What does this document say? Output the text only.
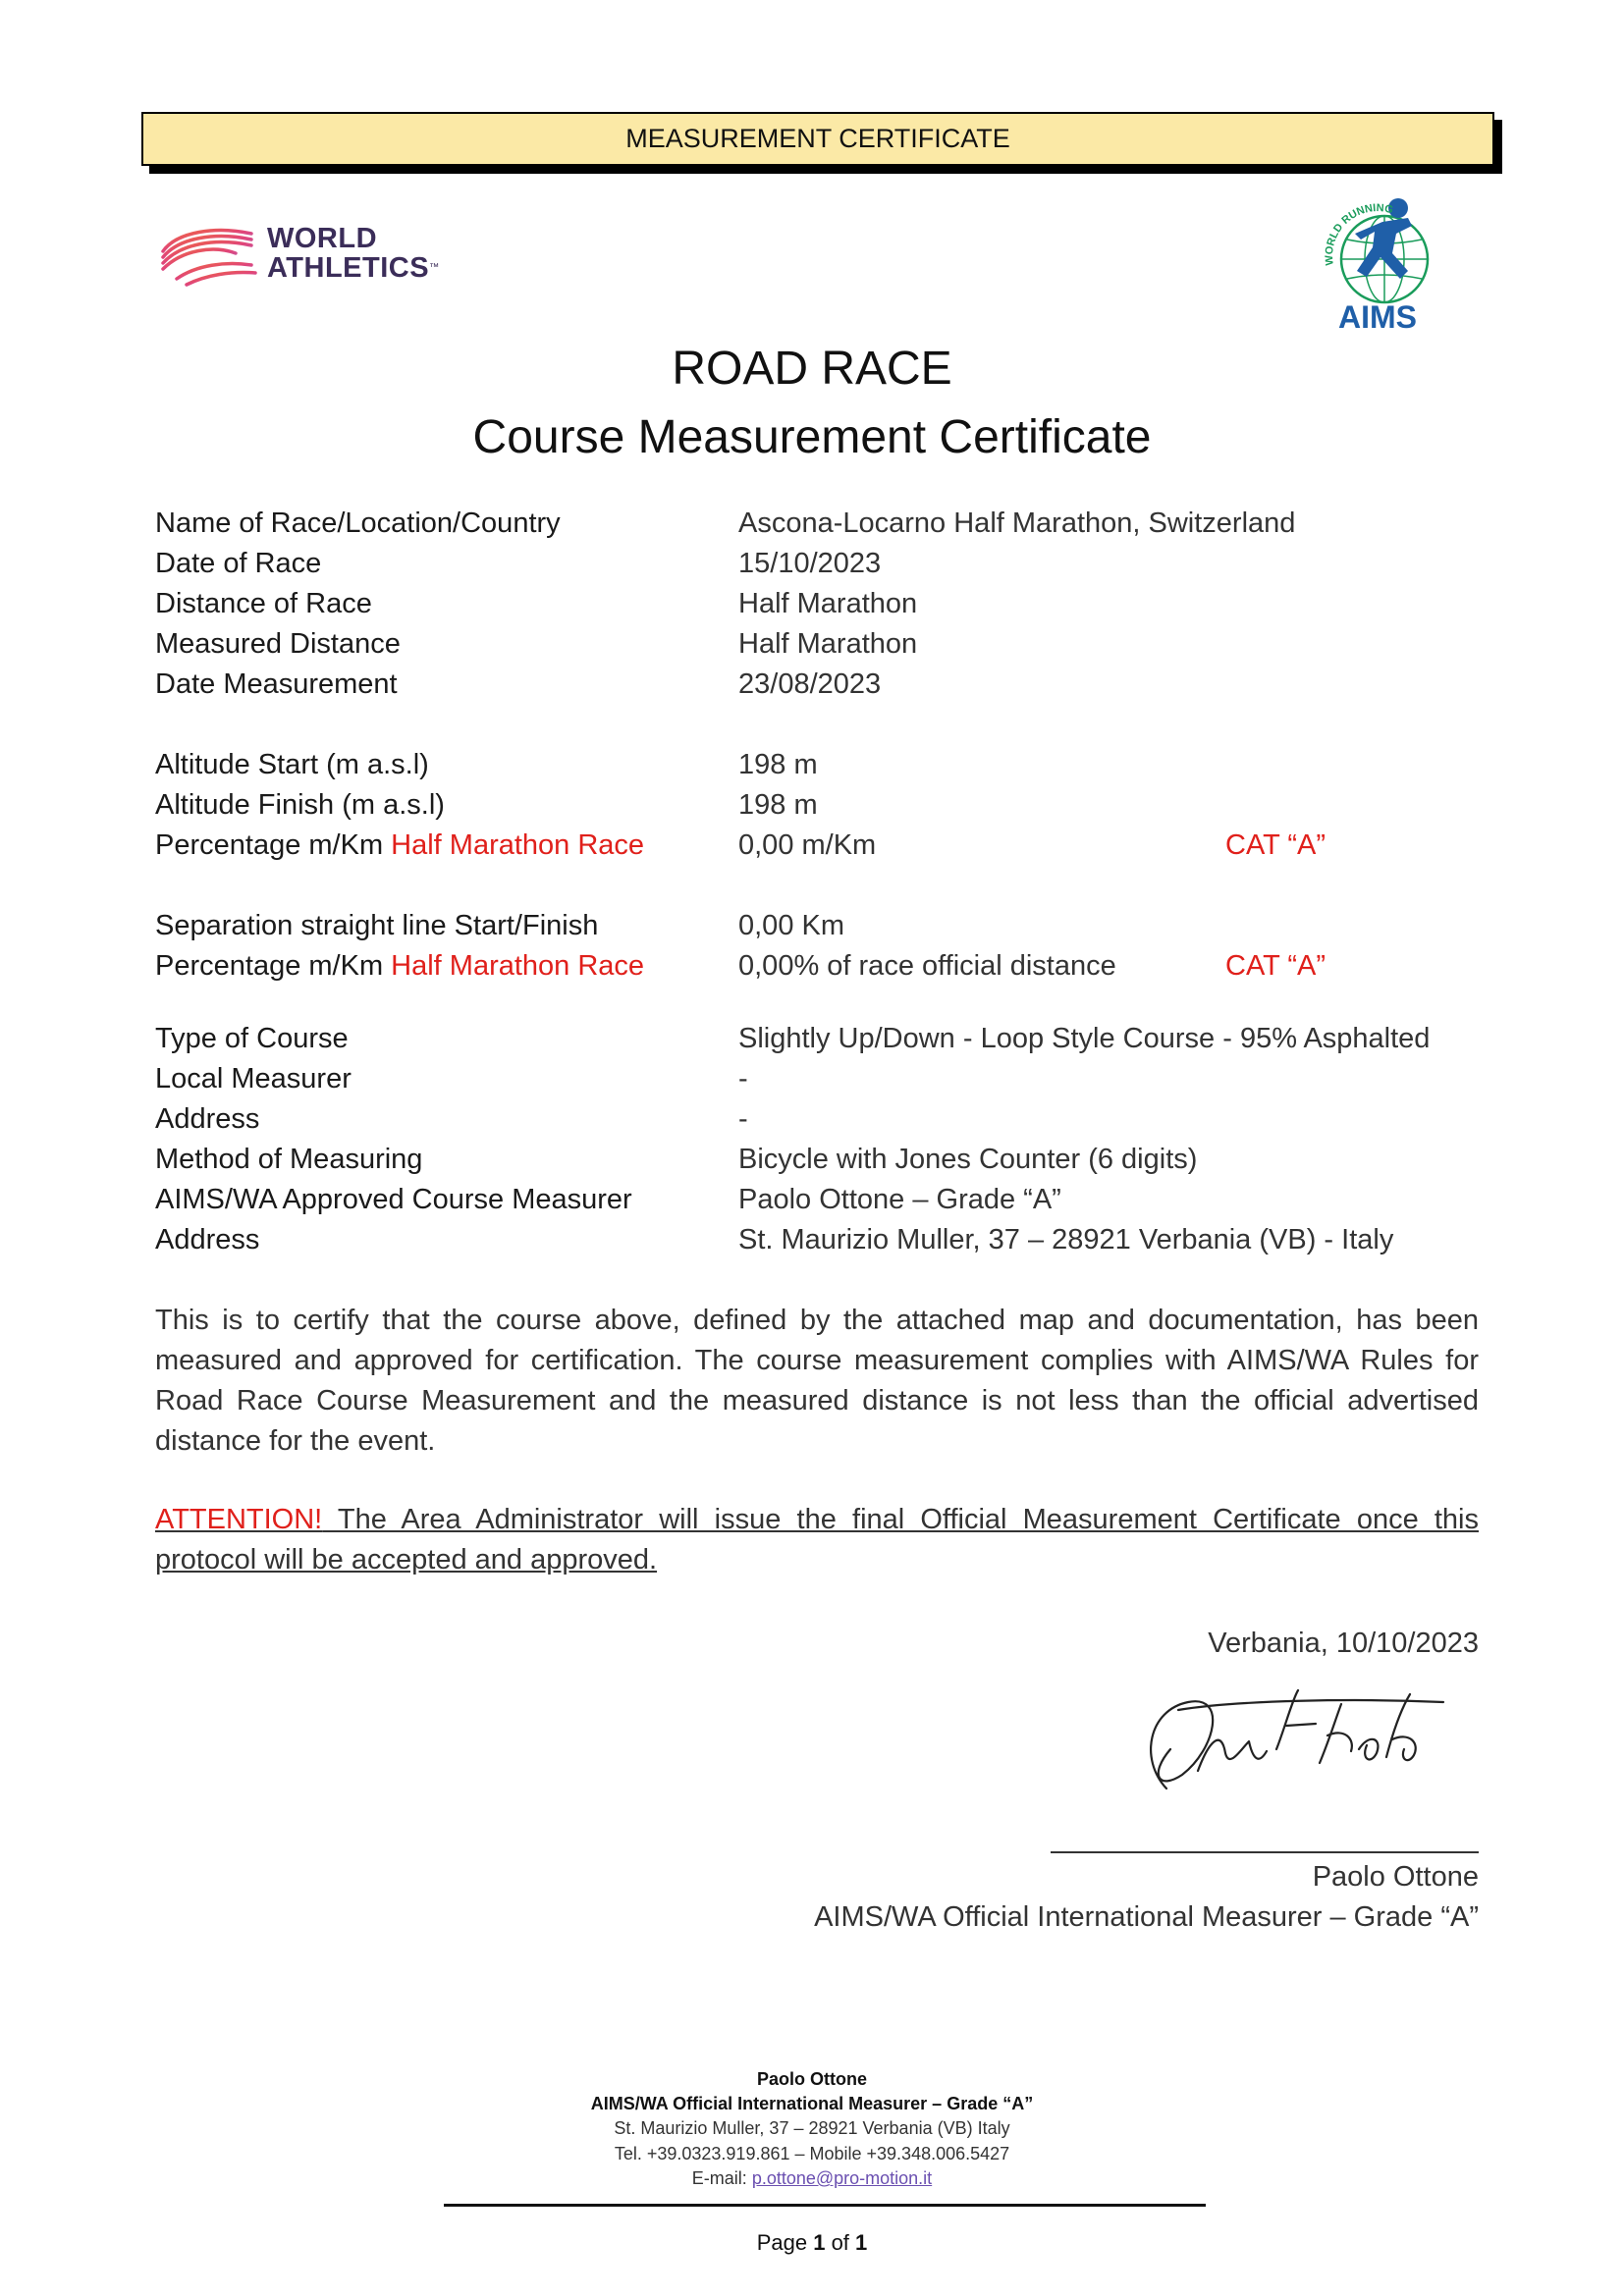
MEASUREMENT CERTIFICATE
WORLD
ATHLETICS™
WORLD RUNNING
AIMS
ROAD RACE
Course Measurement Certificate
Name of Race/Location/Country	Ascona-Locarno Half Marathon, Switzerland
Date of Race	15/10/2023
Distance of Race	Half Marathon
Measured Distance	Half Marathon
Date Measurement	23/08/2023
Altitude Start (m a.s.l)	198 m
Altitude Finish (m a.s.l)	198 m
Percentage m/Km Half Marathon Race	0,00 m/Km	CAT “A”
Separation straight line Start/Finish	0,00 Km
Percentage m/Km Half Marathon Race	0,00% of race official distance	CAT “A”
Type of Course	Slightly Up/Down - Loop Style Course - 95% Asphalted
Local Measurer	-
Address	-
Method of Measuring	Bicycle with Jones Counter (6 digits)
AIMS/WA Approved Course Measurer	Paolo Ottone – Grade “A”
Address	St. Maurizio Muller, 37 – 28921 Verbania (VB) - Italy
This is to certify that the course above, defined by the attached map and documentation, has been measured and approved for certification. The course measurement complies with AIMS/WA Rules for Road Race Course Measurement and the measured distance is not less than the official advertised distance for the event.
ATTENTION! The Area Administrator will issue the final Official Measurement Certificate once this protocol will be accepted and approved.
Verbania, 10/10/2023
Paolo Ottone
AIMS/WA Official International Measurer – Grade “A”
Paolo Ottone
AIMS/WA Official International Measurer – Grade “A”
St. Maurizio Muller, 37 – 28921 Verbania (VB) Italy
Tel. +39.0323.919.861 – Mobile +39.348.006.5427
E-mail: p.ottone@pro-motion.it
Page 1 of 1
